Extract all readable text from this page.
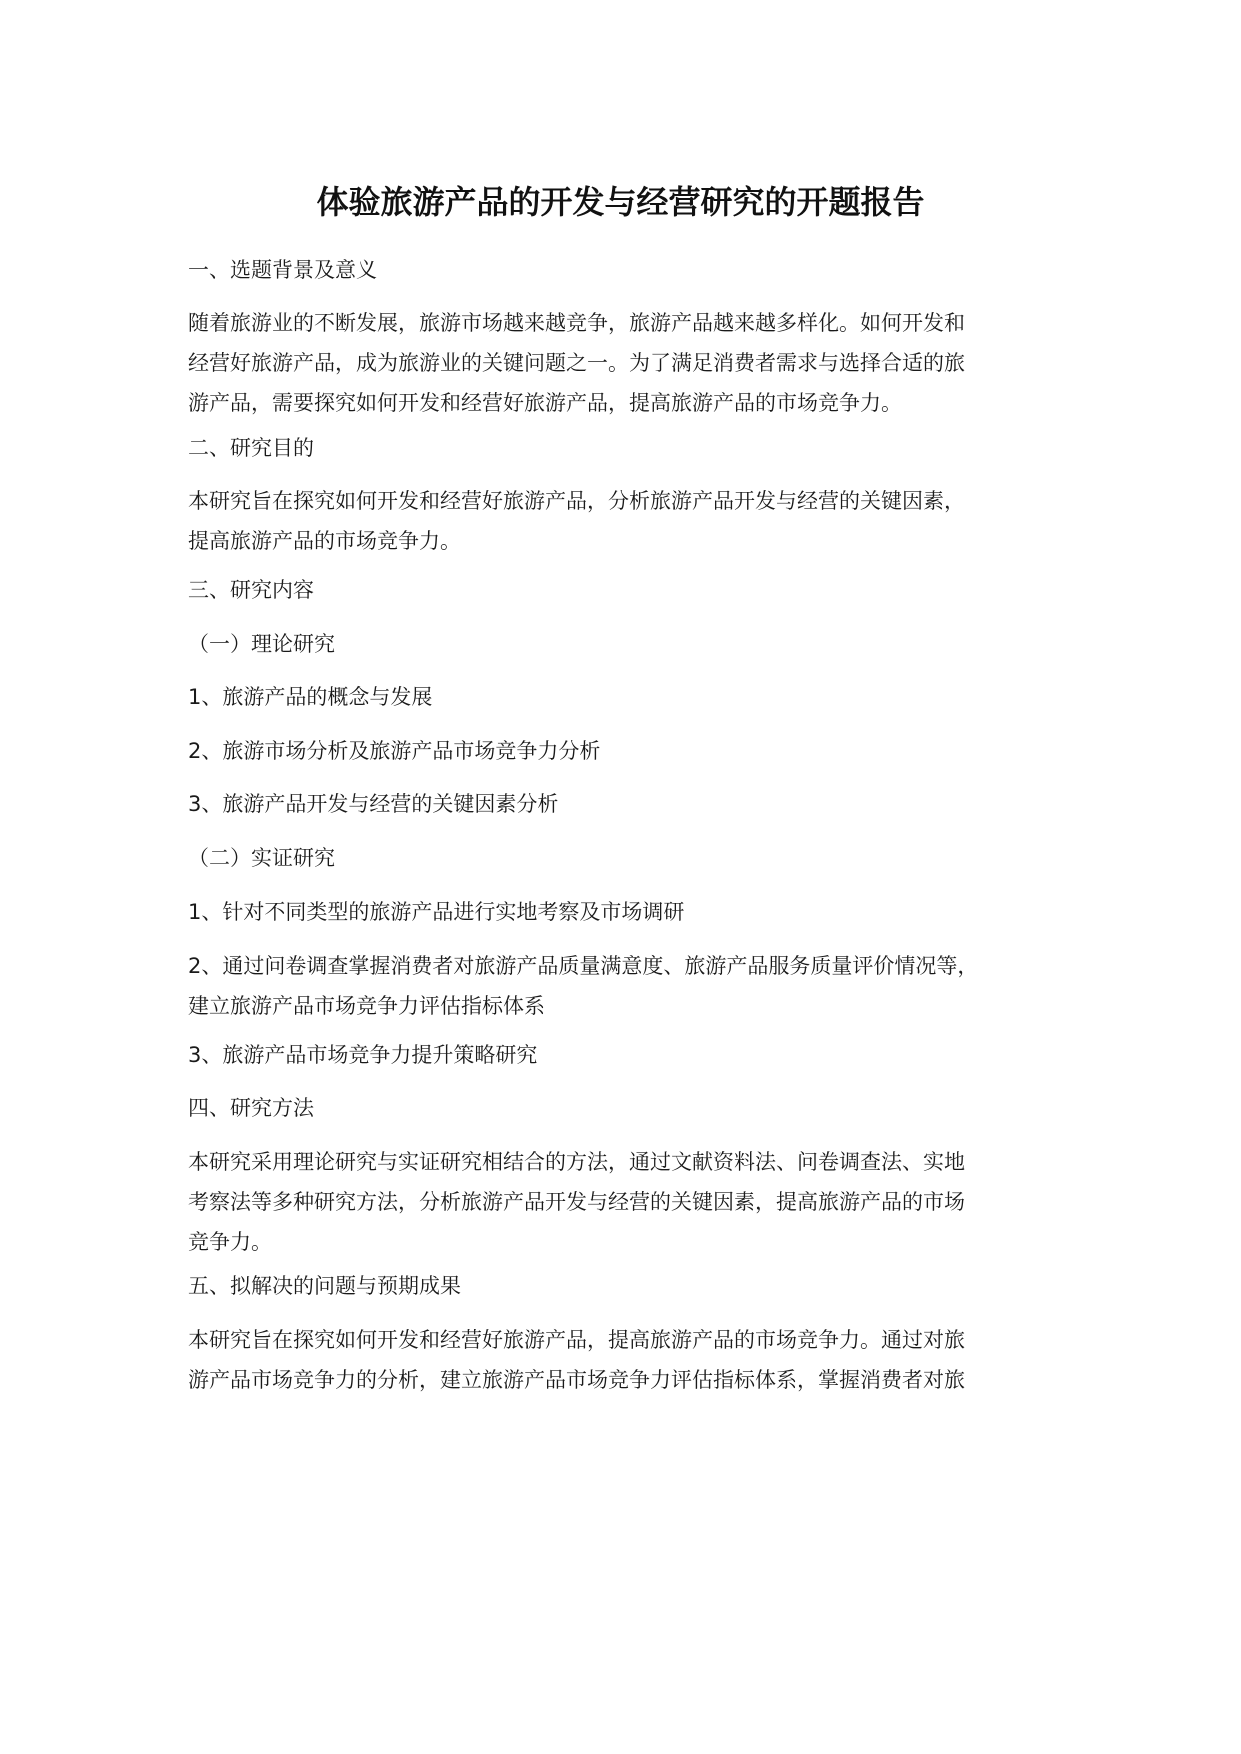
体验旅游产品的开发与经营研究的开题报告
一、选题背景及意义
随着旅游业的不断发展，旅游市场越来越竞争，旅游产品越来越多样化。如何开发和
经营好旅游产品，成为旅游业的关键问题之一。为了满足消费者需求与选择合适的旅
游产品，需要探究如何开发和经营好旅游产品，提高旅游产品的市场竞争力。
二、研究目的
本研究旨在探究如何开发和经营好旅游产品，分析旅游产品开发与经营的关键因素，
提高旅游产品的市场竞争力。
三、研究内容
（一）理论研究
1、旅游产品的概念与发展
2、旅游市场分析及旅游产品市场竞争力分析
3、旅游产品开发与经营的关键因素分析
（二）实证研究
1、针对不同类型的旅游产品进行实地考察及市场调研
2、通过问卷调查掌握消费者对旅游产品质量满意度、旅游产品服务质量评价情况等，
建立旅游产品市场竞争力评估指标体系
3、旅游产品市场竞争力提升策略研究
四、研究方法
本研究采用理论研究与实证研究相结合的方法，通过文献资料法、问卷调查法、实地
考察法等多种研究方法，分析旅游产品开发与经营的关键因素，提高旅游产品的市场
竞争力。
五、拟解决的问题与预期成果
本研究旨在探究如何开发和经营好旅游产品，提高旅游产品的市场竞争力。通过对旅
游产品市场竞争力的分析，建立旅游产品市场竞争力评估指标体系，掌握消费者对旅
